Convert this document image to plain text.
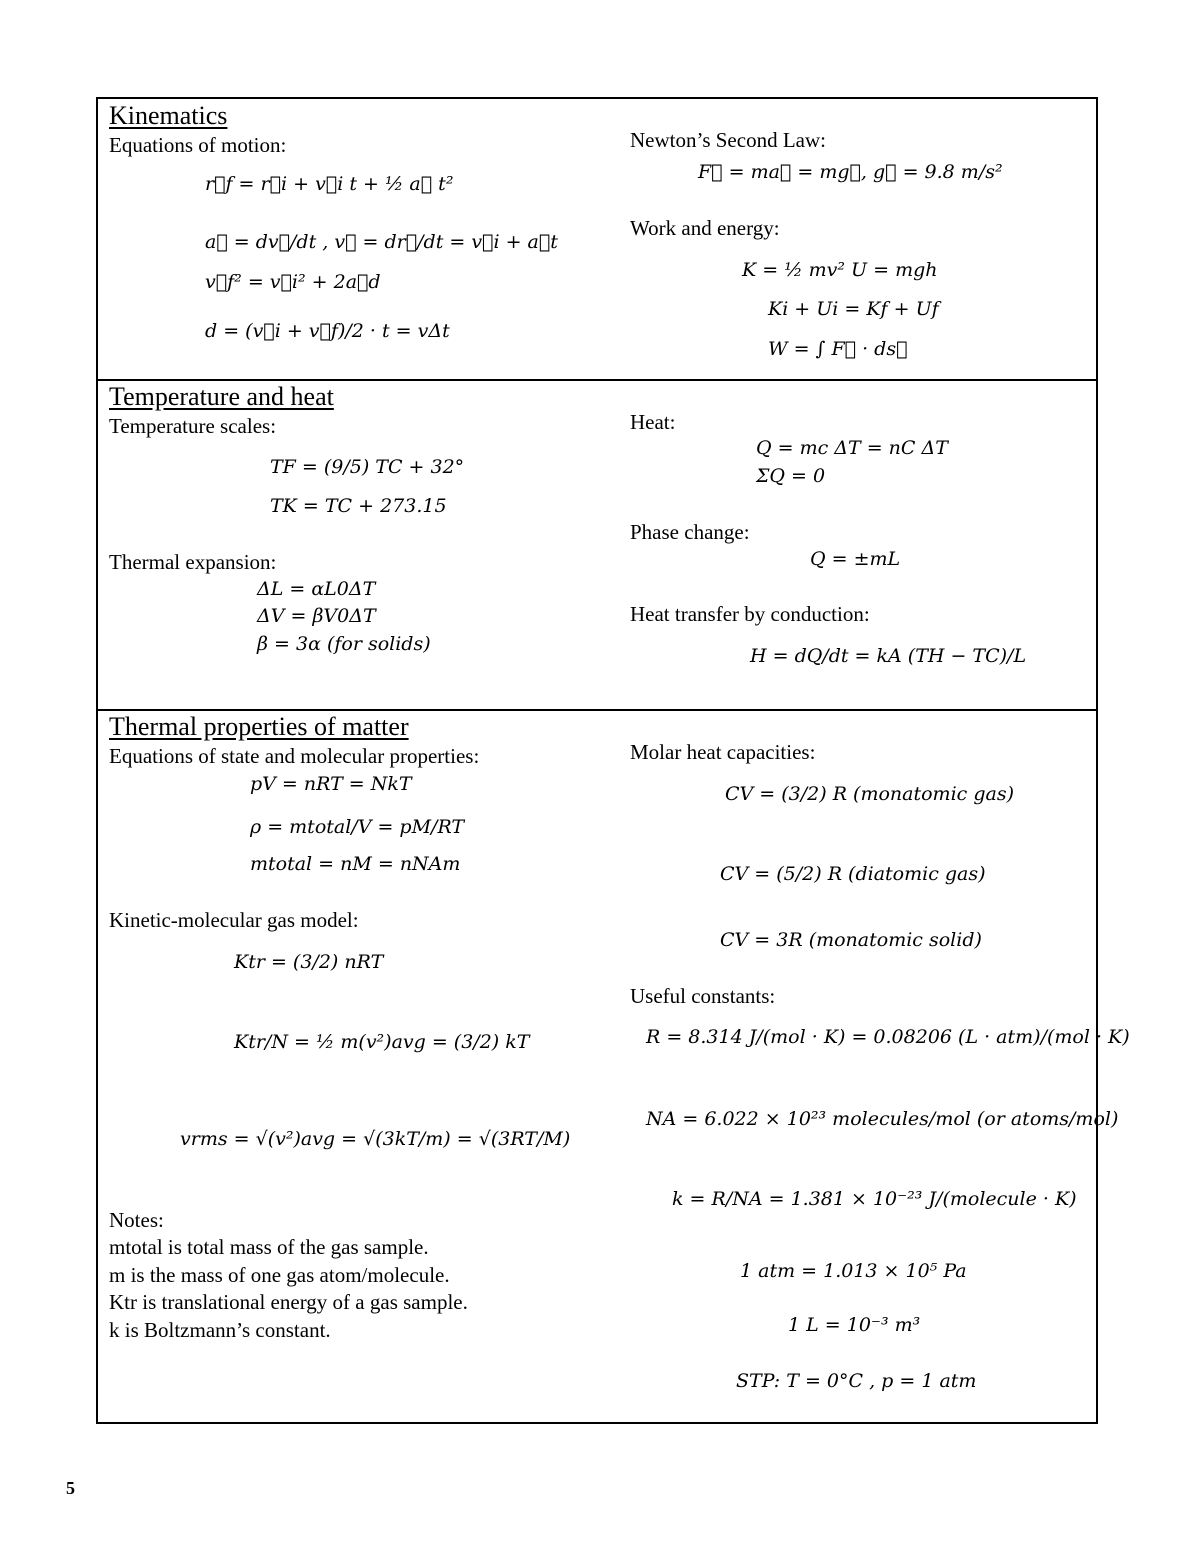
Kinematics
Equations of motion:
r⃗f = r⃗i + v⃗i t + ½ a⃗ t²
a⃗ = dv⃗/dt , v⃗ = dr⃗/dt = v⃗i + a⃗t
v⃗f² = v⃗i² + 2a⃗d
d = (v⃗i + v⃗f)/2 · t = vΔt
Newton’s Second Law:
F⃗ = ma⃗ = mg⃗, g⃗ = 9.8 m/s²
Work and energy:
K = ½ mv² U = mgh
Ki + Ui = Kf + Uf
W = ∫ F⃗ · ds⃗
Temperature and heat
Temperature scales:
TF = (9/5) TC + 32°
TK = TC + 273.15
Thermal expansion:
ΔL = αL0ΔT
ΔV = βV0ΔT
β = 3α (for solids)
Heat:
Q = mc ΔT = nC ΔT
ΣQ = 0
Phase change:
Q = ±mL
Heat transfer by conduction:
H = dQ/dt = kA (TH − TC)/L
Thermal properties of matter
Equations of state and molecular properties:
pV = nRT = NkT
ρ = mtotal/V = pM/RT
mtotal = nM = nNAm
Kinetic-molecular gas model:
Ktr = (3/2) nRT
Ktr/N = ½ m(v²)avg = (3/2) kT
vrms = √(v²)avg = √(3kT/m) = √(3RT/M)
Notes:
mtotal is total mass of the gas sample.
m is the mass of one gas atom/molecule.
Ktr is translational energy of a gas sample.
k is Boltzmann’s constant.
Molar heat capacities:
CV = (3/2) R (monatomic gas)
CV = (5/2) R (diatomic gas)
CV = 3R (monatomic solid)
Useful constants:
R = 8.314 J/(mol · K) = 0.08206 (L · atm)/(mol · K)
NA = 6.022 × 10²³ molecules/mol (or atoms/mol)
k = R/NA = 1.381 × 10⁻²³ J/(molecule · K)
1 atm = 1.013 × 10⁵ Pa
1 L = 10⁻³ m³
STP: T = 0°C , p = 1 atm
5
